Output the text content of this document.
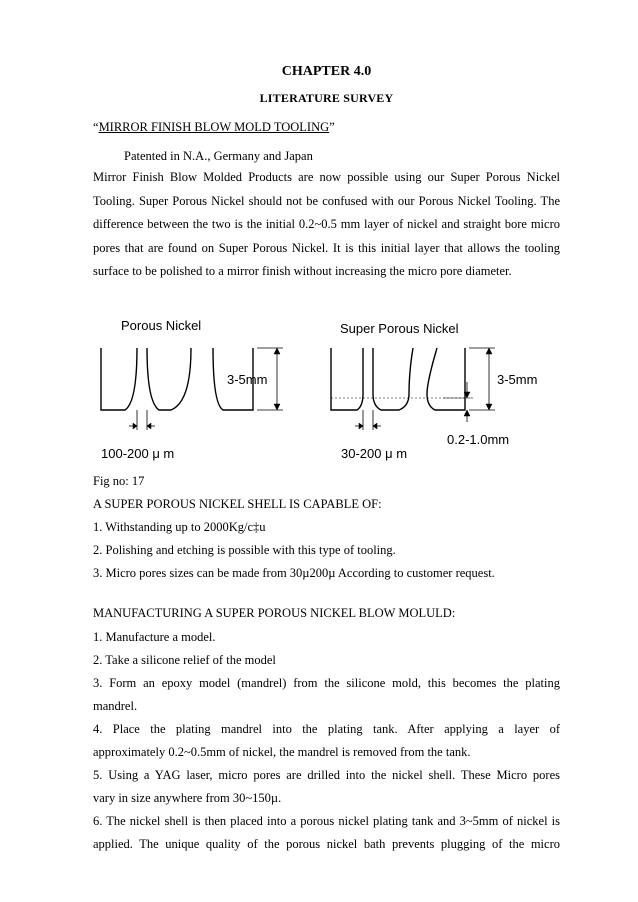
CHAPTER 4.0
LITERATURE SURVEY
“MIRROR FINISH BLOW MOLD TOOLING”
Patented in N.A., Germany and Japan
Mirror Finish Blow Molded Products are now possible using our Super Porous Nickel Tooling. Super Porous Nickel should not be confused with our Porous Nickel Tooling. The difference between the two is the initial 0.2~0.5 mm layer of nickel and straight bore micro pores that are found on Super Porous Nickel. It is this initial layer that allows the tooling surface to be polished to a mirror finish without increasing the micro pore diameter.
Porous Nickel	Super Porous Nickel
3-5mm	3-5mm
100-200 μ m	30-200 μ m
0.2-1.0mm
Fig no: 17
A SUPER POROUS NICKEL SHELL IS CAPABLE OF:
1. Withstanding up to 2000Kg/c‡u
2. Polishing and etching is possible with this type of tooling.
3. Micro pores sizes can be made from 30µ200µ According to customer request.
MANUFACTURING A SUPER POROUS NICKEL BLOW MOLULD:
1. Manufacture a model.
2. Take a silicone relief of the model
3. Form an epoxy model (mandrel) from the silicone mold, this becomes the plating
mandrel.
4. Place the plating mandrel into the plating tank. After applying a layer of
approximately 0.2~0.5mm of nickel, the mandrel is removed from the tank.
5. Using a YAG laser, micro pores are drilled into the nickel shell. These Micro pores
vary in size anywhere from 30~150µ.
6. The nickel shell is then placed into a porous nickel plating tank and 3~5mm of nickel is
applied. The unique quality of the porous nickel bath prevents plugging of the micro
